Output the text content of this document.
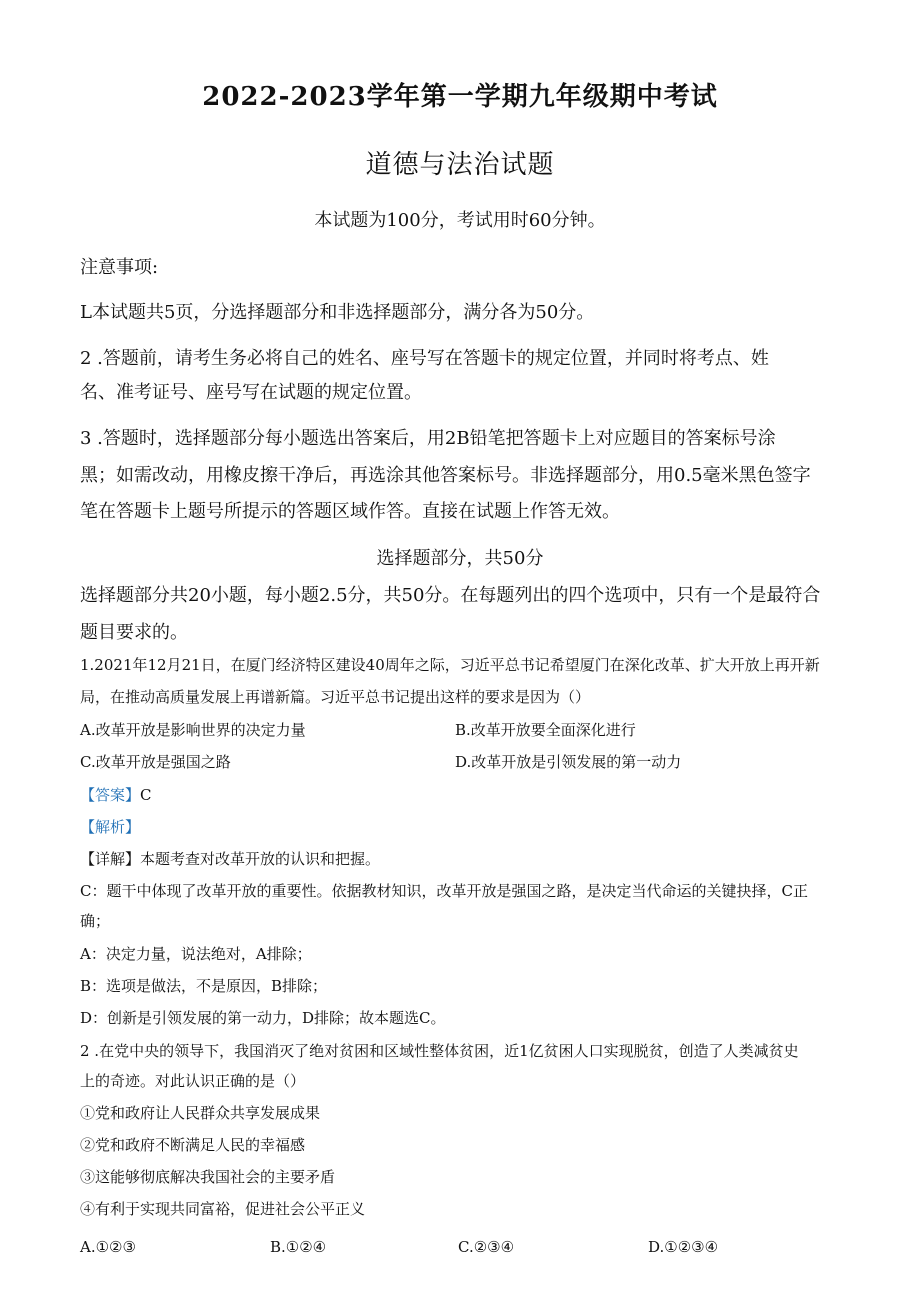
2022-2023学年第一学期九年级期中考试
道德与法治试题
本试题为100分，考试用时60分钟。
注意事项:
L本试题共5页，分选择题部分和非选择题部分，满分各为50分。
2 .答题前，请考生务必将自己的姓名、座号写在答题卡的规定位置，并同时将考点、姓
名、准考证号、座号写在试题的规定位置。
3 .答题时，选择题部分每小题选出答案后，用2B铅笔把答题卡上对应题目的答案标号涂
黑；如需改动，用橡皮擦干净后，再选涂其他答案标号。非选择题部分，用0.5毫米黑色签字
笔在答题卡上题号所提示的答题区域作答。直接在试题上作答无效。
选择题部分，共50分
选择题部分共20小题，每小题2.5分，共50分。在每题列出的四个选项中，只有一个是最符合
题目要求的。
1.2021年12月21日，在厦门经济特区建设40周年之际，习近平总书记希望厦门在深化改革、扩大开放上再开新
局，在推动高质量发展上再谱新篇。习近平总书记提出这样的要求是因为（）
A.改革开放是影响世界的决定力量	B.改革开放要全面深化进行
C.改革开放是强国之路	D.改革开放是引领发展的第一动力
【答案】C
【解析】
【详解】本题考查对改革开放的认识和把握。
C：题干中体现了改革开放的重要性。依据教材知识，改革开放是强国之路，是决定当代命运的关键抉择，C正
确；
A：决定力量，说法绝对，A排除；
B：选项是做法，不是原因，B排除；
D：创新是引领发展的第一动力，D排除；故本题选C。
2 .在党中央的领导下，我国消灭了绝对贫困和区域性整体贫困，近1亿贫困人口实现脱贫，创造了人类减贫史
上的奇迹。对此认识正确的是（）
①党和政府让人民群众共享发展成果
②党和政府不断满足人民的幸福感
③这能够彻底解决我国社会的主要矛盾
④有利于实现共同富裕，促进社会公平正义
A.①②③	B.①②④	C.②③④	D.①②③④
